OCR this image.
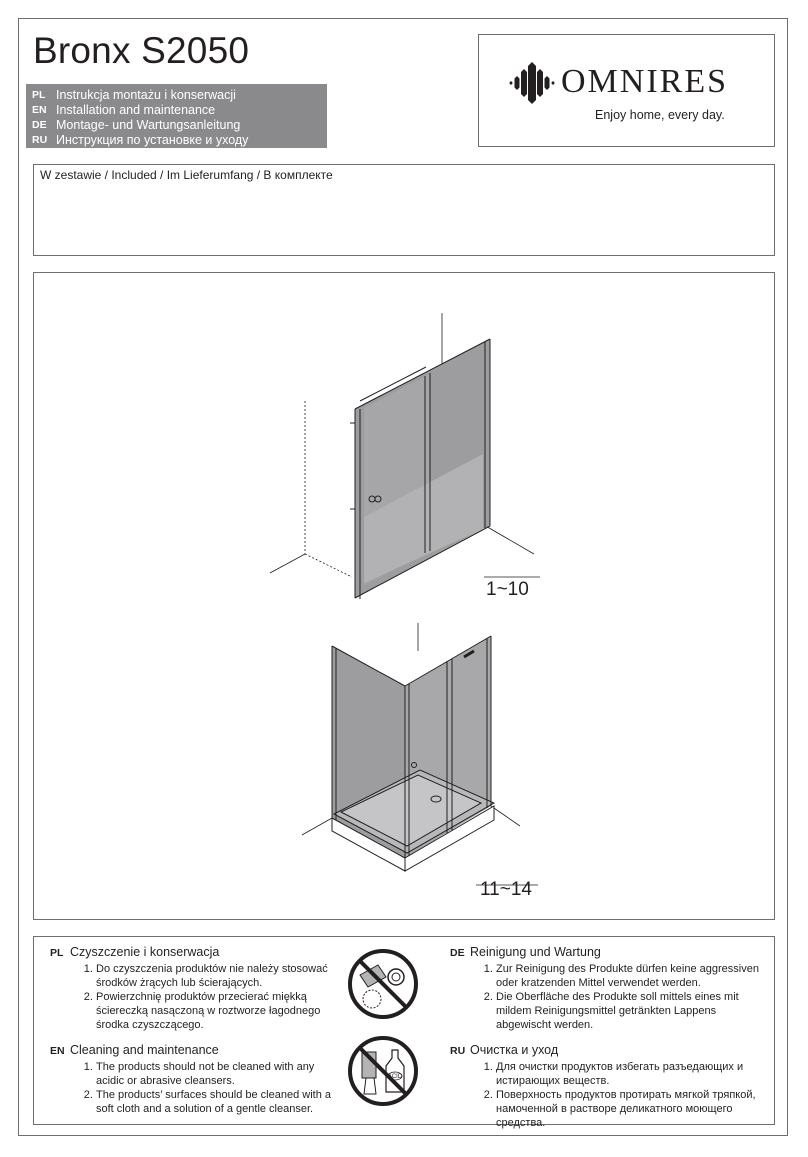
Bronx S2050
PL Instrukcja montażu i konserwacji
EN Installation and maintenance
DE Montage- und Wartungsanleitung
RU Инструкция по установке и уходу
OMNIRES
Enjoy home, every day.
W zestawie / Included / Im Lieferumfang / В комплекте
1~10
11~14
PL Czyszczenie i konserwacja
1. Do czyszczenia produktów nie należy stosować środków żrących lub ścierających.
2. Powierzchnię produktów przecierać miękką ściereczką nasączoną w roztworze łagodnego środka czyszczącego.
EN Cleaning and maintenance
1. The products should not be cleaned with any acidic or abrasive cleansers.
2. The products’ surfaces should be cleaned with a soft cloth and a solution of a gentle cleanser.
ACID
DE Reinigung und Wartung
1. Zur Reinigung des Produkte dürfen keine aggressiven oder kratzenden Mittel verwendet werden.
2. Die Oberfläche des Produkte soll mittels eines mit mildem Reinigungsmittel getränkten Lappens abgewischt werden.
RU Очистка и уход
1. Для очистки продуктов избегать разъедающих и истирающих веществ.
2. Поверхность продуктов протирать мягкой тряпкой, намоченной в растворе деликатного моющего средства.
